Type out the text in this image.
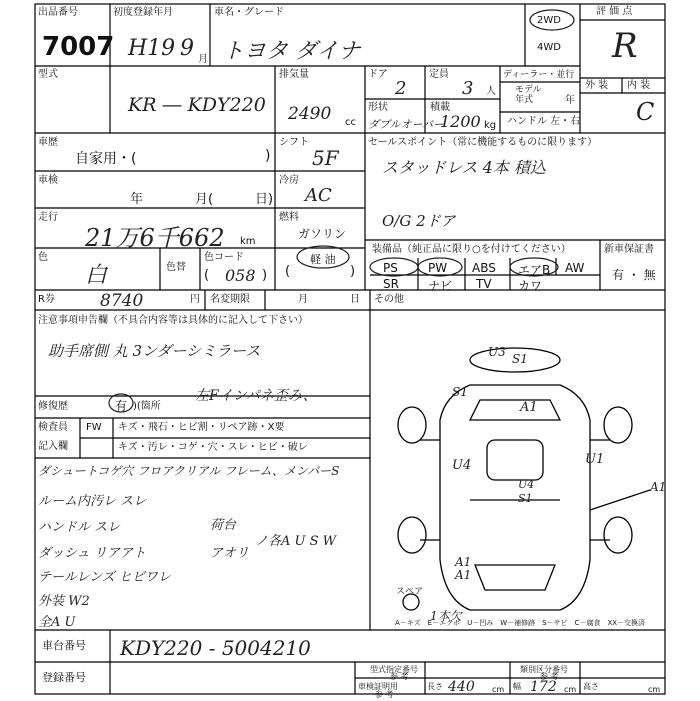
出品番号
7007
初度登録年月
H19 9 月
車名・グレード
トヨタ ダイナ
2WD
4WD
評 価 点
R
外 装 内 装
C
型式
KR ― KDY220
排気量
2490 cc
ドア
2
定員
3 人
ディーラー・並行
モデル
年式	年
ハンドル 左・右
形状
ダブルオーバー
積載
1200 kg
車歴
自家用・(	)
シフト
5F
セールスポイント（常に機能するものに限ります）
スタッドレス 4本 積込
O/G 2ドア
車検
年	月(	日)
冷房
AC
走行
21万6千662 km
燃料
ガソリン
軽 油
(	)
色
白	色替
色コード
( 058 )
装備品（純正品に限り○を付けてください）
PS	PW ABS エアB AW
SR ナビ TV カワ
新車保証書
有 ・ 無
R券	8740	円 名変期限	月	日 その他
注意事項申告欄（不具合内容等は具体的に記入して下さい）
助手席側 丸 3ンダーシミラース
修復歴	有 )(箇所
左Fインパネ歪み、
検査員
記入欄
FW キズ・飛石・ヒビ割・リペア跡・X要
キズ・汚レ・コゲ・穴・スレ・ヒビ・破レ
ダシュートコゲ穴 フロアクリアル フレーム、メンバーS
ルーム内汚レ スレ
ハンドル スレ
ダッシュ リアアト
テールレンズ ヒビワレ
外装 W2
全A U
荷台
アオリ
ノ各A U S W
U3 S1
S1
A1
U4	U1
U4
S1
A1
A1
A1
スペア
1本欠
A－キズ　E－エクボ　U－凹み　W－補修跡　S－サビ　C－腐食　XX－交換済
車台番号 KDY220 - 5004210
登録番号
型式指定番号
参 考
類別区分番号
参 考
車検証明用
参 考
長さ 440 cm 幅 172 cm 高さ	cm
